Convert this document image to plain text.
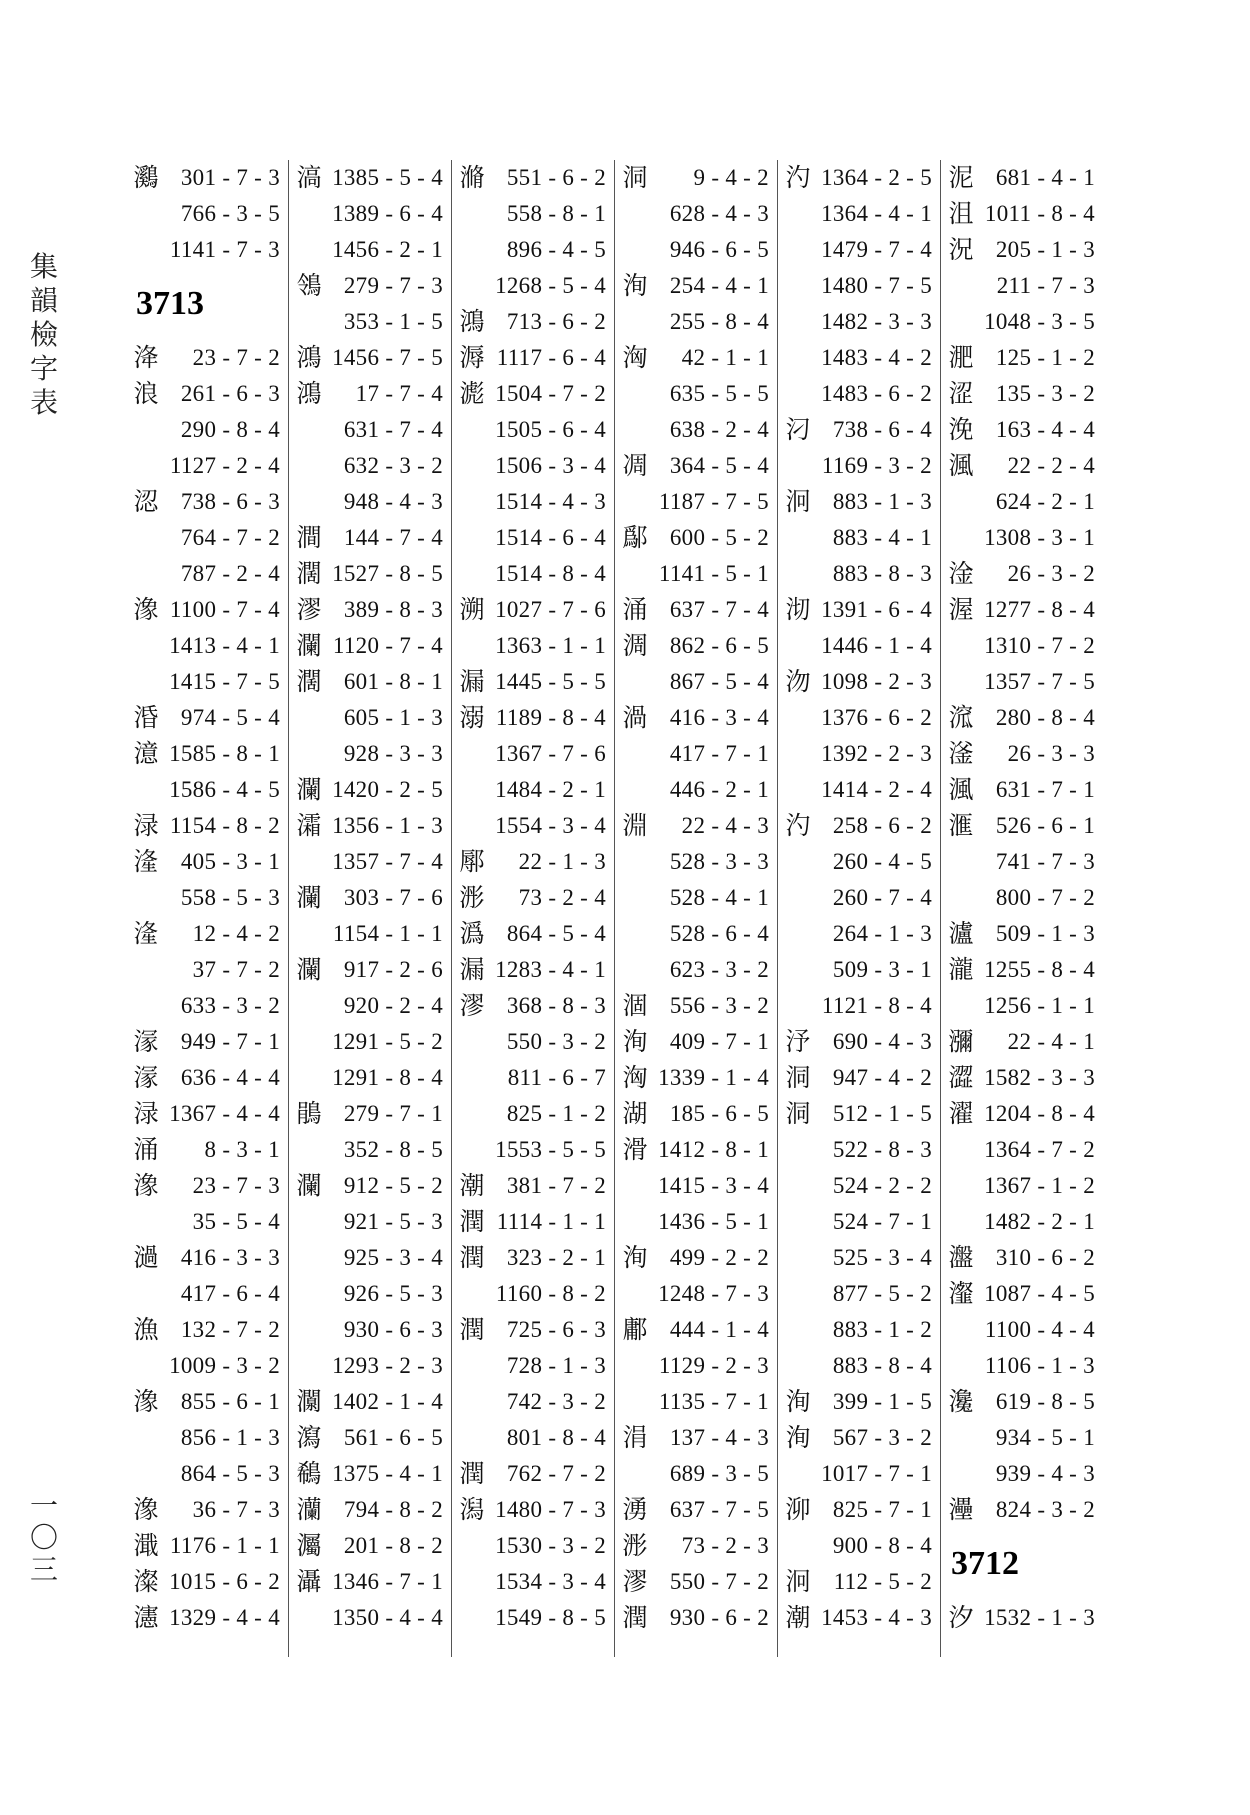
集
韻
檢
字
表
一
〇
三
鸂 301 - 7 - 3
766 - 3 - 5
1141 - 7 - 3
3713
洚 23 - 7 - 2
浪 261 - 6 - 3
290 - 8 - 4
1127 - 2 - 4
涊 738 - 6 - 3
764 - 7 - 2
787 - 2 - 4
潒 1100 - 7 - 4
1413 - 4 - 1
1415 - 7 - 5
涽 974 - 5 - 4
澺 1585 - 8 - 1
1586 - 4 - 5
渌 1154 - 8 - 2
湰 405 - 3 - 1
558 - 5 - 3
湰 12 - 4 - 2
37 - 7 - 2
633 - 3 - 2
溕 949 - 7 - 1
溕 636 - 4 - 4
渌 1367 - 4 - 4
涌 8 - 3 - 1
潒 23 - 7 - 3
35 - 5 - 4
濄 416 - 3 - 3
417 - 6 - 4
漁 132 - 7 - 2
1009 - 3 - 2
潒 855 - 6 - 1
856 - 1 - 3
864 - 5 - 3
潒 36 - 7 - 3
濈 1176 - 1 - 1
澯 1015 - 6 - 2
瀗 1329 - 4 - 4
滈 1385 - 5 - 4
1389 - 6 - 4
1456 - 2 - 1
鴒 279 - 7 - 3
353 - 1 - 5
鴻 1456 - 7 - 5
鴻 17 - 7 - 4
631 - 7 - 4
632 - 3 - 2
948 - 4 - 3
澗 144 - 7 - 4
濶 1527 - 8 - 5
漻 389 - 8 - 3
瀾 1120 - 7 - 4
濶 601 - 8 - 1
605 - 1 - 3
928 - 3 - 3
瀾 1420 - 2 - 5
灀 1356 - 1 - 3
1357 - 7 - 4
瀾 303 - 7 - 6
1154 - 1 - 1
瀾 917 - 2 - 6
920 - 2 - 4
1291 - 5 - 2
1291 - 8 - 4
鵑 279 - 7 - 1
352 - 8 - 5
瀾 912 - 5 - 2
921 - 5 - 3
925 - 3 - 4
926 - 5 - 3
930 - 6 - 3
1293 - 2 - 3
灁 1402 - 1 - 4
瀉 561 - 6 - 5
鵗 1375 - 4 - 1
灡 794 - 8 - 2
灟 201 - 8 - 2
灄 1346 - 7 - 1
1350 - 4 - 4
滫 551 - 6 - 2
558 - 8 - 1
896 - 4 - 5
1268 - 5 - 4
鴻 713 - 6 - 2
溽 1117 - 6 - 4
滮 1504 - 7 - 2
1505 - 6 - 4
1506 - 3 - 4
1514 - 4 - 3
1514 - 6 - 4
1514 - 8 - 4
溯 1027 - 7 - 6
1363 - 1 - 1
漏 1445 - 5 - 5
溺 1189 - 8 - 4
1367 - 7 - 6
1484 - 2 - 1
1554 - 3 - 4
鄏 22 - 1 - 3
浵 73 - 2 - 4
潙 864 - 5 - 4
漏 1283 - 4 - 1
漻 368 - 8 - 3
550 - 3 - 2
811 - 6 - 7
825 - 1 - 2
1553 - 5 - 5
潮 381 - 7 - 2
潤 1114 - 1 - 1
潤 323 - 2 - 1
1160 - 8 - 2
潤 725 - 6 - 3
728 - 1 - 3
742 - 3 - 2
801 - 8 - 4
潤 762 - 7 - 2
潟 1480 - 7 - 3
1530 - 3 - 2
1534 - 3 - 4
1549 - 8 - 5
洞 9 - 4 - 2
628 - 4 - 3
946 - 6 - 5
洵 254 - 4 - 1
255 - 8 - 4
洶 42 - 1 - 1
635 - 5 - 5
638 - 2 - 4
凋 364 - 5 - 4
1187 - 7 - 5
鄬 600 - 5 - 2
1141 - 5 - 1
涌 637 - 7 - 4
淍 862 - 6 - 5
867 - 5 - 4
渦 416 - 3 - 4
417 - 7 - 1
446 - 2 - 1
淵 22 - 4 - 3
528 - 3 - 3
528 - 4 - 1
528 - 6 - 4
623 - 3 - 2
涸 556 - 3 - 2
洵 409 - 7 - 1
洶 1339 - 1 - 4
湖 185 - 6 - 5
滑 1412 - 8 - 1
1415 - 3 - 4
1436 - 5 - 1
洵 499 - 2 - 2
1248 - 7 - 3
鄘 444 - 1 - 4
1129 - 2 - 3
1135 - 7 - 1
涓 137 - 4 - 3
689 - 3 - 5
湧 637 - 7 - 5
浵 73 - 2 - 3
漻 550 - 7 - 2
潤 930 - 6 - 2
汋 1364 - 2 - 5
1364 - 4 - 1
1479 - 7 - 4
1480 - 7 - 5
1482 - 3 - 3
1483 - 4 - 2
1483 - 6 - 2
汈 738 - 6 - 4
1169 - 3 - 2
泂 883 - 1 - 3
883 - 4 - 1
883 - 8 - 3
沏 1391 - 6 - 4
1446 - 1 - 4
沕 1098 - 2 - 3
1376 - 6 - 2
1392 - 2 - 3
1414 - 2 - 4
汋 258 - 6 - 2
260 - 4 - 5
260 - 7 - 4
264 - 1 - 3
509 - 3 - 1
1121 - 8 - 4
汿 690 - 4 - 3
洞 947 - 4 - 2
洞 512 - 1 - 5
522 - 8 - 3
524 - 2 - 2
524 - 7 - 1
525 - 3 - 4
877 - 5 - 2
883 - 1 - 2
883 - 8 - 4
洵 399 - 1 - 5
洵 567 - 3 - 2
1017 - 7 - 1
泖 825 - 7 - 1
900 - 8 - 4
泂 112 - 5 - 2
潮 1453 - 4 - 3
泥 681 - 4 - 1
沮 1011 - 8 - 4
況 205 - 1 - 3
211 - 7 - 3
1048 - 3 - 5
淝 125 - 1 - 2
涩 135 - 3 - 2
浼 163 - 4 - 4
渢 22 - 2 - 4
624 - 2 - 1
1308 - 3 - 1
淦 26 - 3 - 2
渥 1277 - 8 - 4
1310 - 7 - 2
1357 - 7 - 5
溛 280 - 8 - 4
滏 26 - 3 - 3
渢 631 - 7 - 1
滙 526 - 6 - 1
741 - 7 - 3
800 - 7 - 2
瀘 509 - 1 - 3
瀧 1255 - 8 - 4
1256 - 1 - 1
瀰 22 - 4 - 1
澀 1582 - 3 - 3
濯 1204 - 8 - 4
1364 - 7 - 2
1367 - 1 - 2
1482 - 2 - 1
瀊 310 - 6 - 2
瀣 1087 - 4 - 5
1100 - 4 - 4
1106 - 1 - 3
瀺 619 - 8 - 5
934 - 5 - 1
939 - 4 - 3
灅 824 - 3 - 2
3712
汐 1532 - 1 - 3
